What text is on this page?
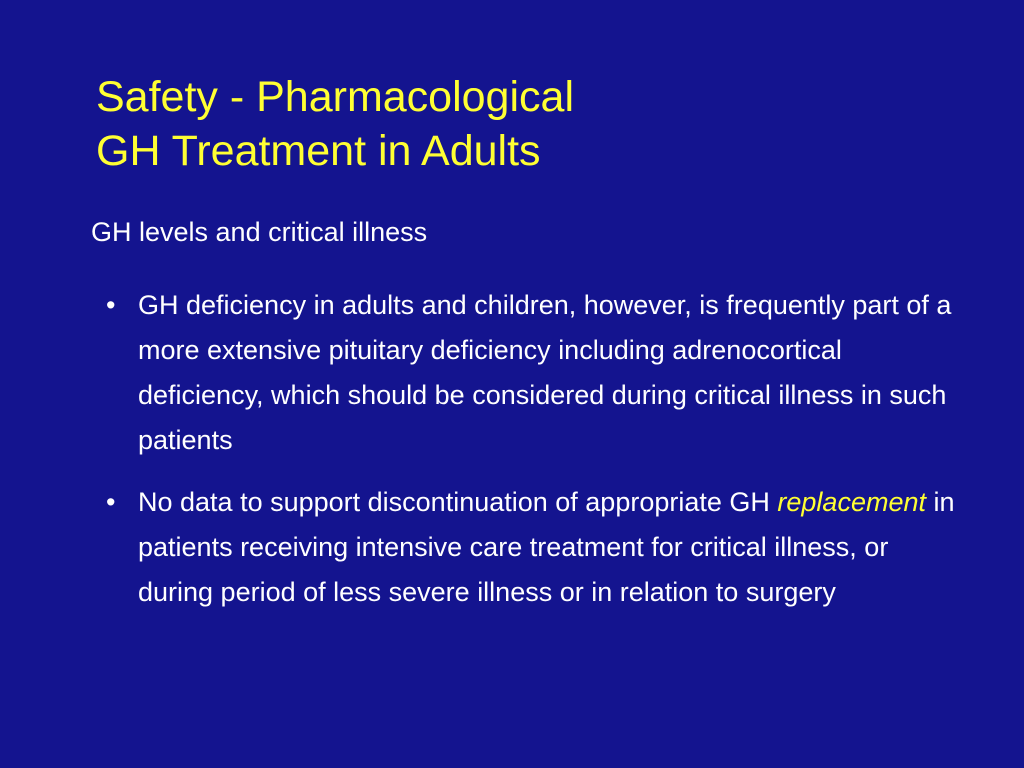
Safety - Pharmacological
GH Treatment in Adults

GH levels and critical illness

• GH deficiency in adults and children, however, is frequently part of a more extensive pituitary deficiency including adrenocortical deficiency, which should be considered during critical illness in such patients
• No data to support discontinuation of appropriate GH replacement in patients receiving intensive care treatment for critical illness, or during period of less severe illness or in relation to surgery
